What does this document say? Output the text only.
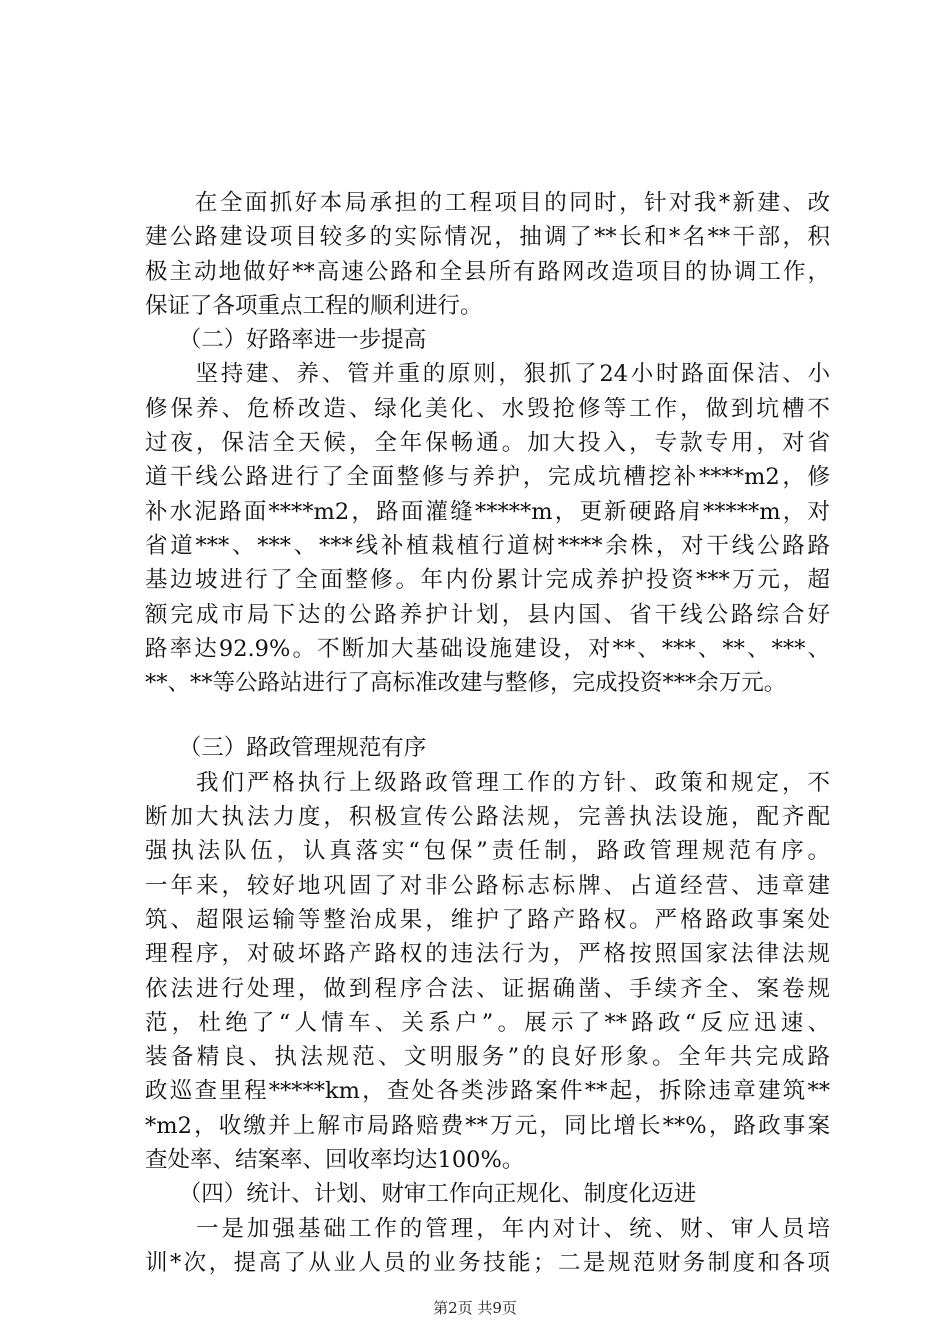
　　在全面抓好本局承担的工程项目的同时，针对我*新建、改
建公路建设项目较多的实际情况，抽调了**长和*名**干部，积
极主动地做好**高速公路和全县所有路网改造项目的协调工作，
保证了各项重点工程的顺利进行。
　　（二）好路率进一步提高
　　坚持建、养、管并重的原则，狠抓了24小时路面保洁、小
修保养、危桥改造、绿化美化、水毁抢修等工作，做到坑槽不
过夜，保洁全天候，全年保畅通。加大投入，专款专用，对省
道干线公路进行了全面整修与养护，完成坑槽挖补****m2，修
补水泥路面****m2，路面灌缝*****m，更新硬路肩*****m，对
省道***、***、***线补植栽植行道树****余株，对干线公路路
基边坡进行了全面整修。年内份累计完成养护投资***万元，超
额完成市局下达的公路养护计划，县内国、省干线公路综合好
路率达92.9%。不断加大基础设施建设，对**、***、**、***、
**、**等公路站进行了高标准改建与整修，完成投资***余万元。
　　（三）路政管理规范有序
　　我们严格执行上级路政管理工作的方针、政策和规定，不
断加大执法力度，积极宣传公路法规，完善执法设施，配齐配
强执法队伍，认真落实“包保”责任制，路政管理规范有序。
一年来，较好地巩固了对非公路标志标牌、占道经营、违章建
筑、超限运输等整治成果，维护了路产路权。严格路政事案处
理程序，对破坏路产路权的违法行为，严格按照国家法律法规
依法进行处理，做到程序合法、证据确凿、手续齐全、案卷规
范，杜绝了“人情车、关系户”。展示了**路政“反应迅速、
装备精良、执法规范、文明服务”的良好形象。全年共完成路
政巡查里程*****km，查处各类涉路案件**起，拆除违章建筑**
*m2，收缴并上解市局路赔费**万元，同比增长**%，路政事案
查处率、结案率、回收率均达100%。
　　（四）统计、计划、财审工作向正规化、制度化迈进
　　一是加强基础工作的管理，年内对计、统、财、审人员培
训*次，提高了从业人员的业务技能；二是规范财务制度和各项
第2页 共9页
